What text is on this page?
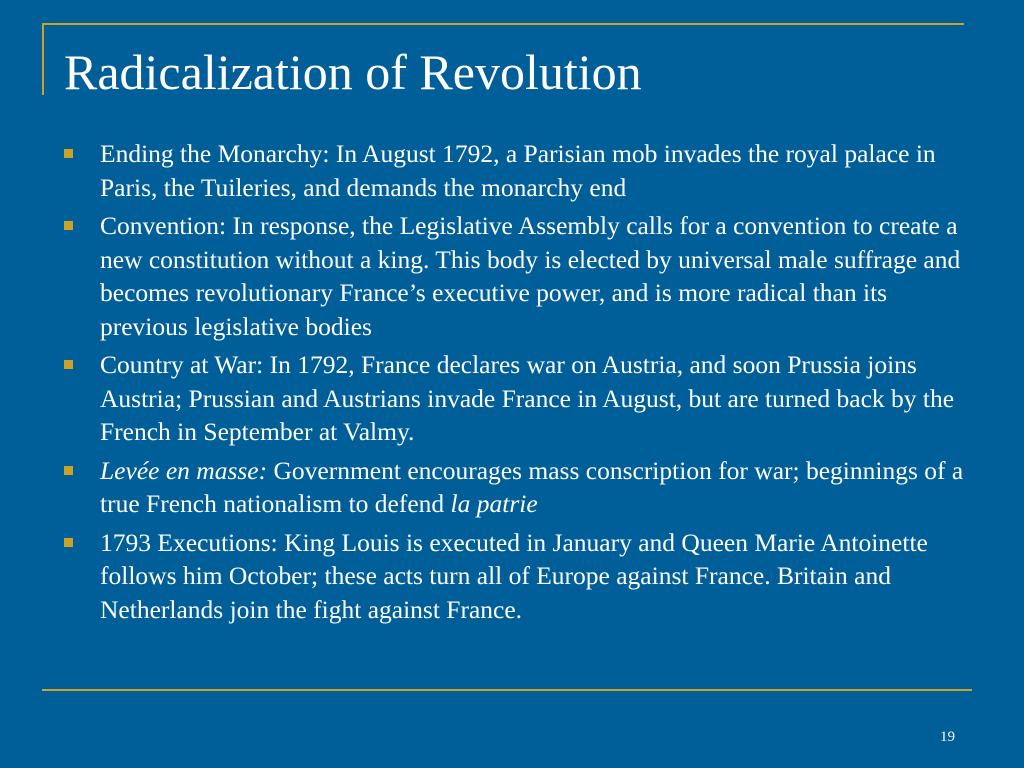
Radicalization of Revolution
Ending the Monarchy: In August 1792, a Parisian mob invades the royal palace in Paris, the Tuileries, and demands the monarchy end
Convention: In response, the Legislative Assembly calls for a convention to create a new constitution without a king. This body is elected by universal male suffrage and becomes revolutionary France’s executive power, and is more radical than its previous legislative bodies
Country at War: In 1792, France declares war on Austria, and soon Prussia joins Austria; Prussian and Austrians invade France in August, but are turned back by the French in September at Valmy.
Levée en masse: Government encourages mass conscription for war; beginnings of a true French nationalism to defend la patrie
1793 Executions: King Louis is executed in January and Queen Marie Antoinette follows him October; these acts turn all of Europe against France. Britain and Netherlands join the fight against France.
19
